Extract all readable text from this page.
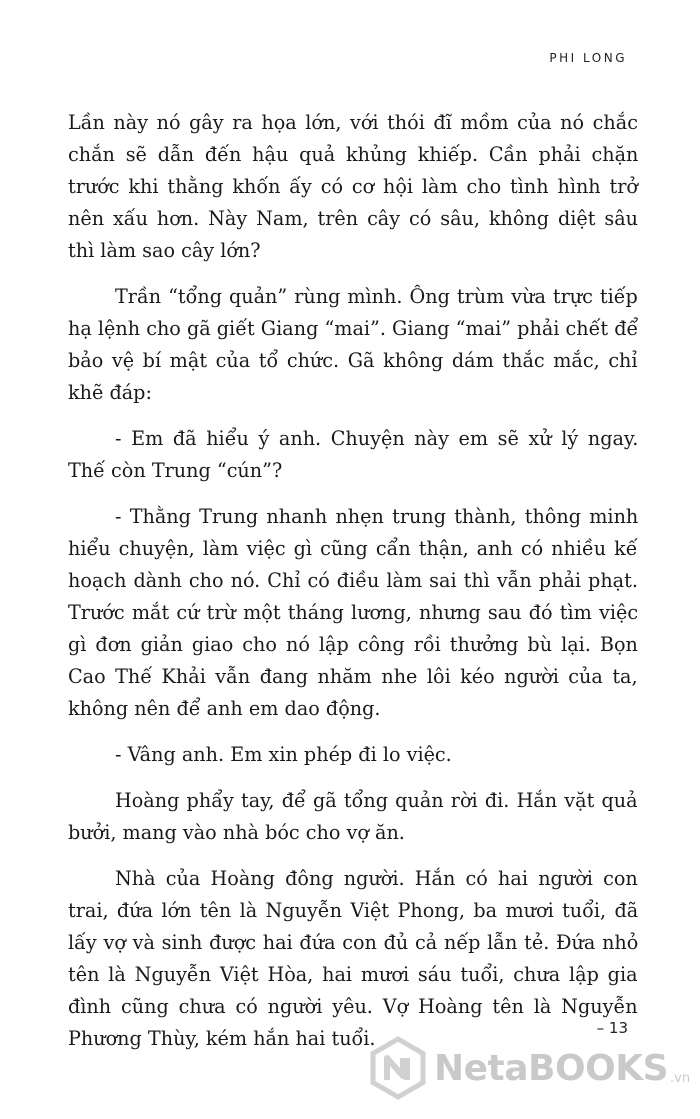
PHI LONG

Lần này nó gây ra họa lớn, với thói đĩ mồm của nó chắc
chắn sẽ dẫn đến hậu quả khủng khiếp. Cần phải chặn
trước khi thằng khốn ấy có cơ hội làm cho tình hình trở
nên xấu hơn. Này Nam, trên cây có sâu, không diệt sâu
thì làm sao cây lớn?

Trần “tổng quản” rùng mình. Ông trùm vừa trực tiếp
hạ lệnh cho gã giết Giang “mai”. Giang “mai” phải chết để
bảo vệ bí mật của tổ chức. Gã không dám thắc mắc, chỉ
khẽ đáp:

- Em đã hiểu ý anh. Chuyện này em sẽ xử lý ngay.
Thế còn Trung “cún”?

- Thằng Trung nhanh nhẹn trung thành, thông minh
hiểu chuyện, làm việc gì cũng cẩn thận, anh có nhiều kế
hoạch dành cho nó. Chỉ có điều làm sai thì vẫn phải phạt.
Trước mắt cứ trừ một tháng lương, nhưng sau đó tìm việc
gì đơn giản giao cho nó lập công rồi thưởng bù lại. Bọn
Cao Thế Khải vẫn đang nhăm nhe lôi kéo người của ta,
không nên để anh em dao động.

- Vâng anh. Em xin phép đi lo việc.

Hoàng phẩy tay, để gã tổng quản rời đi. Hắn vặt quả
bưởi, mang vào nhà bóc cho vợ ăn.

Nhà của Hoàng đông người. Hắn có hai người con
trai, đứa lớn tên là Nguyễn Việt Phong, ba mươi tuổi, đã
lấy vợ và sinh được hai đứa con đủ cả nếp lẫn tẻ. Đứa nhỏ
tên là Nguyễn Việt Hòa, hai mươi sáu tuổi, chưa lập gia
đình cũng chưa có người yêu. Vợ Hoàng tên là Nguyễn
Phương Thùy, kém hắn hai tuổi.	– 13
NetaBOOKS .vn
